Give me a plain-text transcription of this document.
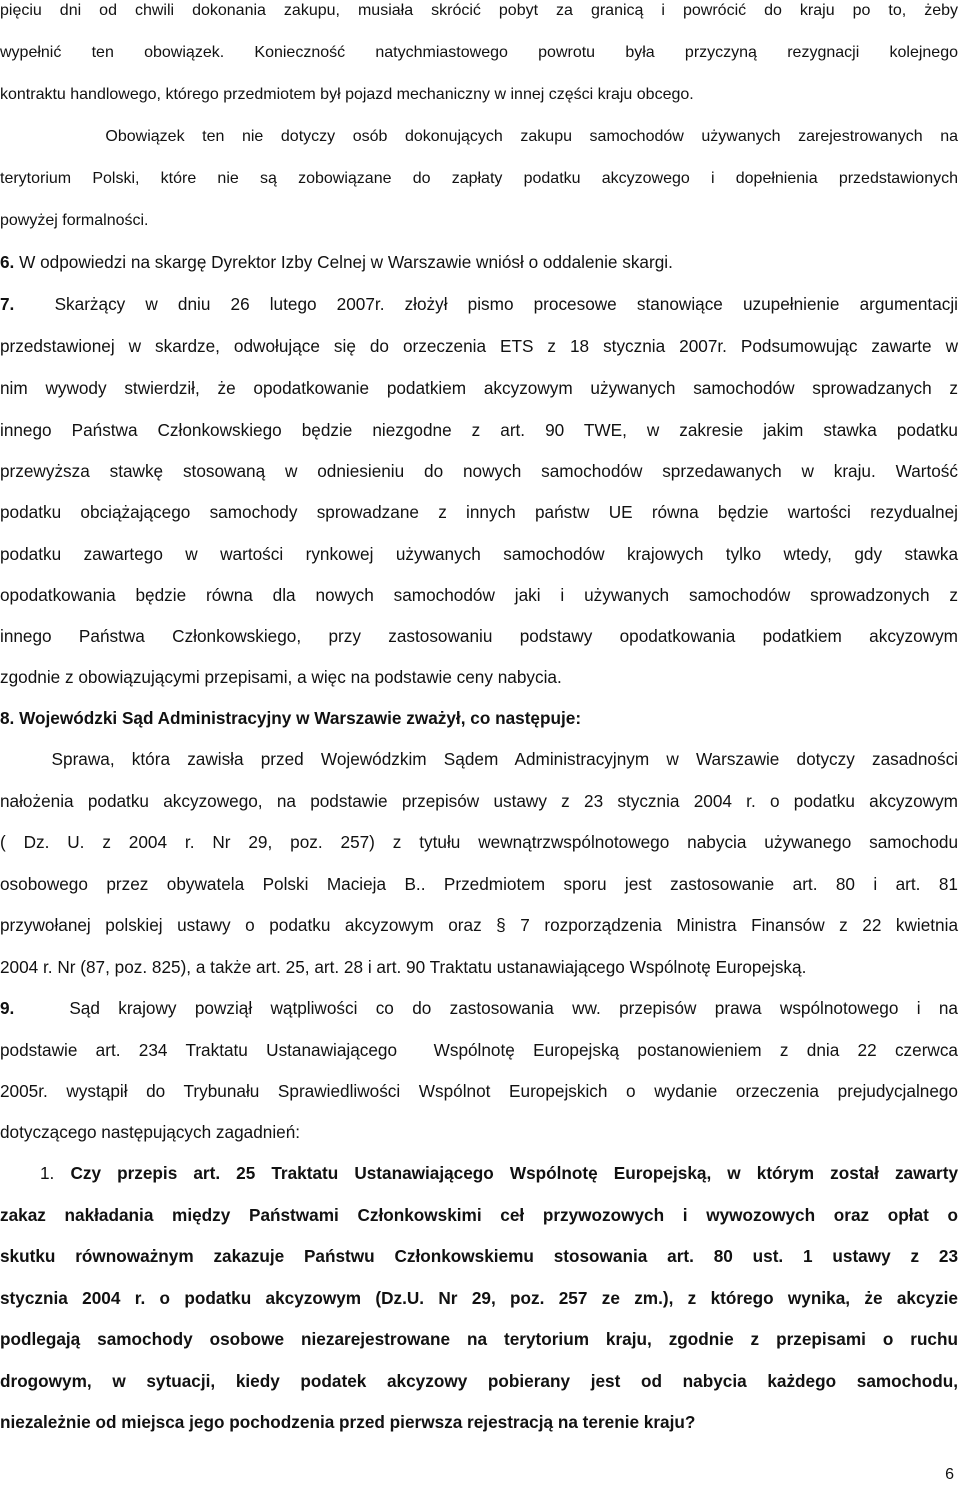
pięciu dni od chwili dokonania zakupu, musiała skrócić pobyt za granicą i powrócić do kraju po to, żeby
wypełnić ten obowiązek. Konieczność natychmiastowego powrotu była przyczyną rezygnacji kolejnego
kontraktu handlowego, którego przedmiotem był pojazd mechaniczny w innej części kraju obcego.
Obowiązek ten nie dotyczy osób dokonujących zakupu samochodów używanych zarejestrowanych na
terytorium Polski, które nie są zobowiązane do zapłaty podatku akcyzowego i dopełnienia przedstawionych
powyżej formalności.
6. W odpowiedzi na skargę Dyrektor Izby Celnej w Warszawie wniósł o oddalenie skargi.
7. Skarżący w dniu 26 lutego 2007r. złożył pismo procesowe stanowiące uzupełnienie argumentacji
przedstawionej w skardze, odwołujące się do orzeczenia ETS z 18 stycznia 2007r. Podsumowując zawarte w
nim wywody stwierdził, że opodatkowanie podatkiem akcyzowym używanych samochodów sprowadzanych z
innego Państwa Członkowskiego będzie niezgodne z art. 90 TWE, w zakresie jakim stawka podatku
przewyższa stawkę stosowaną w odniesieniu do nowych samochodów sprzedawanych w kraju. Wartość
podatku obciążającego samochody sprowadzane z innych państw UE równa będzie wartości rezydualnej
podatku zawartego w wartości rynkowej używanych samochodów krajowych tylko wtedy, gdy stawka
opodatkowania będzie równa dla nowych samochodów jaki i używanych samochodów sprowadzonych z
innego Państwa Członkowskiego, przy zastosowaniu podstawy opodatkowania podatkiem akcyzowym
zgodnie z obowiązującymi przepisami, a więc na podstawie ceny nabycia.
8. Wojewódzki Sąd Administracyjny w Warszawie zważył, co następuje:
Sprawa, która zawisła przed Wojewódzkim Sądem Administracyjnym w Warszawie dotyczy zasadności
nałożenia podatku akcyzowego, na podstawie przepisów ustawy z 23 stycznia 2004 r. o podatku akcyzowym
( Dz. U. z 2004 r. Nr 29, poz. 257) z tytułu wewnątrzwspólnotowego nabycia używanego samochodu
osobowego przez obywatela Polski Macieja B.. Przedmiotem sporu jest zastosowanie art. 80 i art. 81
przywołanej polskiej ustawy o podatku akcyzowym oraz § 7 rozporządzenia Ministra Finansów z 22 kwietnia
2004 r. Nr (87, poz. 825), a także art. 25, art. 28 i art. 90 Traktatu ustanawiającego Wspólnotę Europejską.
9.	Sąd krajowy powziął wątpliwości co do zastosowania ww. przepisów prawa wspólnotowego i na
podstawie art. 234 Traktatu Ustanawiającego  Wspólnotę Europejską postanowieniem z dnia 22 czerwca
2005r. wystąpił do Trybunału Sprawiedliwości Wspólnot Europejskich o wydanie orzeczenia prejudycjalnego
dotyczącego następujących zagadnień:
1. Czy przepis art. 25 Traktatu Ustanawiającego Wspólnotę Europejską, w którym został zawarty
zakaz nakładania między Państwami Członkowskimi ceł przywozowych i wywozowych oraz opłat o
skutku równoważnym zakazuje Państwu Członkowskiemu stosowania art. 80 ust. 1 ustawy z 23
stycznia 2004 r. o podatku akcyzowym (Dz.U. Nr 29, poz. 257 ze zm.), z którego wynika, że akcyzie
podlegają samochody osobowe niezarejestrowane na terytorium kraju, zgodnie z przepisami o ruchu
drogowym, w sytuacji, kiedy podatek akcyzowy pobierany jest od nabycia każdego samochodu,
niezależnie od miejsca jego pochodzenia przed pierwsza rejestracją na terenie kraju?
6
